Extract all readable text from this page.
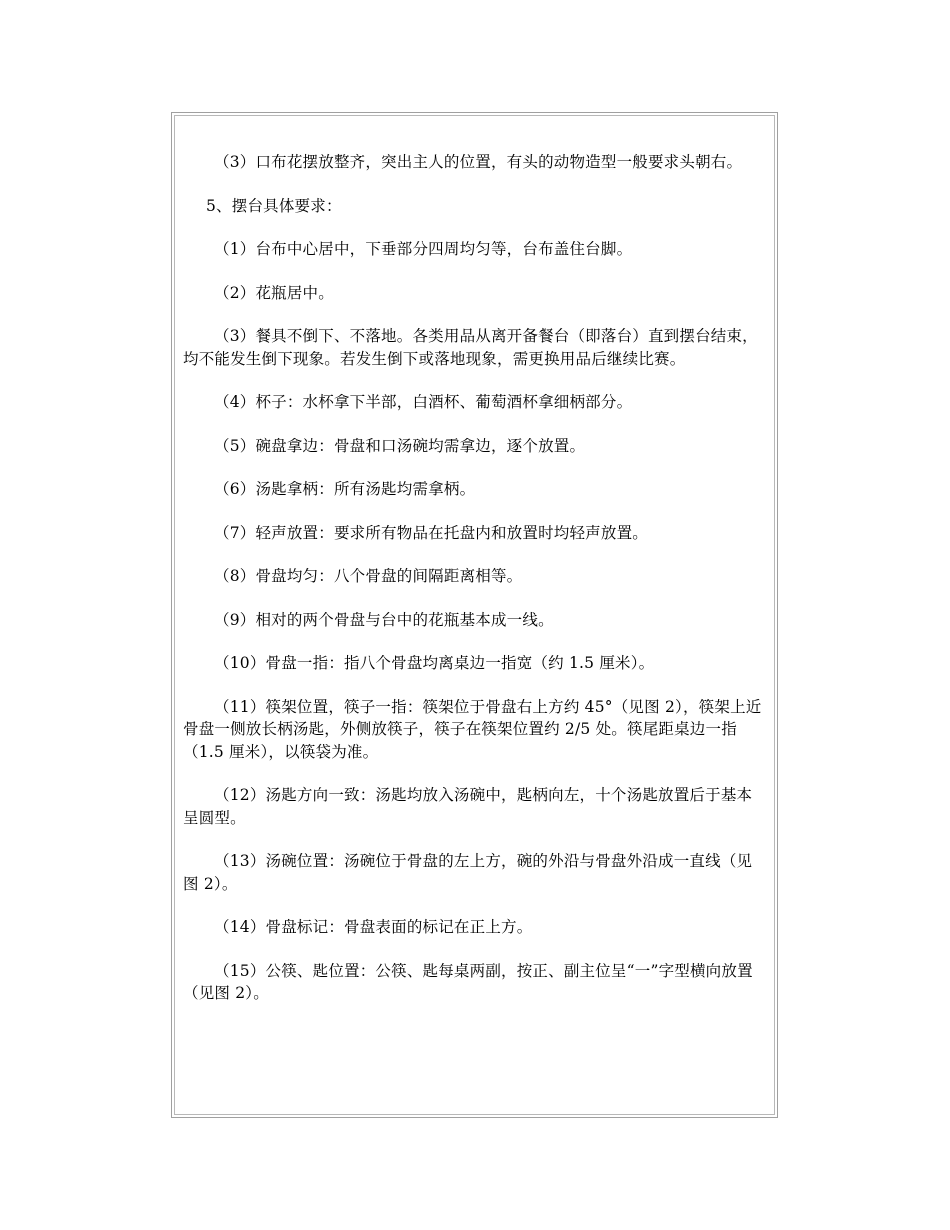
（3）口布花摆放整齐，突出主人的位置，有头的动物造型一般要求头朝右。

5、摆台具体要求：

（1）台布中心居中，下垂部分四周均匀等，台布盖住台脚。

（2）花瓶居中。

（3）餐具不倒下、不落地。各类用品从离开备餐台（即落台）直到摆台结束，均不能发生倒下现象。若发生倒下或落地现象，需更换用品后继续比赛。

（4）杯子：水杯拿下半部，白酒杯、葡萄酒杯拿细柄部分。

（5）碗盘拿边：骨盘和口汤碗均需拿边，逐个放置。

（6）汤匙拿柄：所有汤匙均需拿柄。

（7）轻声放置：要求所有物品在托盘内和放置时均轻声放置。

（8）骨盘均匀：八个骨盘的间隔距离相等。

（9）相对的两个骨盘与台中的花瓶基本成一线。

（10）骨盘一指：指八个骨盘均离桌边一指宽（约 1.5 厘米）。

（11）筷架位置，筷子一指：筷架位于骨盘右上方约 45°（见图 2），筷架上近骨盘一侧放长柄汤匙，外侧放筷子，筷子在筷架位置约 2/5 处。筷尾距桌边一指（1.5 厘米），以筷袋为准。

（12）汤匙方向一致：汤匙均放入汤碗中，匙柄向左，十个汤匙放置后于基本呈圆型。

（13）汤碗位置：汤碗位于骨盘的左上方，碗的外沿与骨盘外沿成一直线（见图 2）。

（14）骨盘标记：骨盘表面的标记在正上方。

（15）公筷、匙位置：公筷、匙每桌两副，按正、副主位呈“一”字型横向放置（见图 2）。
